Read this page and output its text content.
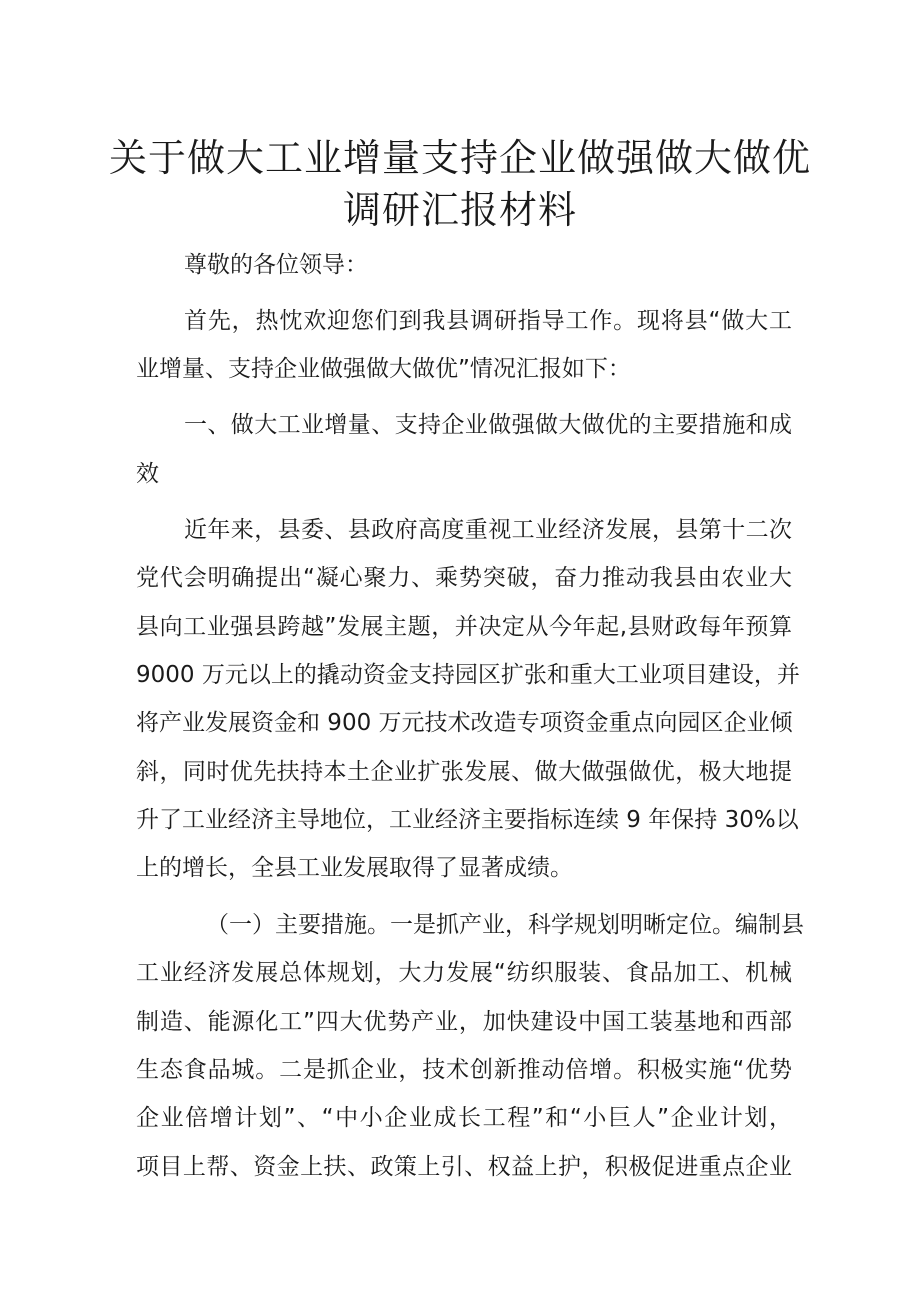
关于做大工业增量支持企业做强做大做优
调研汇报材料
尊敬的各位领导：
首先，热忱欢迎您们到我县调研指导工作。现将县“做大工
业增量、支持企业做强做大做优”情况汇报如下：
一、做大工业增量、支持企业做强做大做优的主要措施和成
效
近年来，县委、县政府高度重视工业经济发展，县第十二次
党代会明确提出“凝心聚力、乘势突破，奋力推动我县由农业大
县向工业强县跨越”发展主题，并决定从今年起,县财政每年预算
9000 万元以上的撬动资金支持园区扩张和重大工业项目建设，并
将产业发展资金和 900 万元技术改造专项资金重点向园区企业倾
斜，同时优先扶持本土企业扩张发展、做大做强做优，极大地提
升了工业经济主导地位，工业经济主要指标连续 9 年保持 30%以
上的增长，全县工业发展取得了显著成绩。
（一）主要措施。一是抓产业，科学规划明晰定位。编制县
工业经济发展总体规划，大力发展“纺织服装、食品加工、机械
制造、能源化工”四大优势产业，加快建设中国工装基地和西部
生态食品城。二是抓企业，技术创新推动倍增。积极实施“优势
企业倍增计划”、“中小企业成长工程”和“小巨人”企业计划，
项目上帮、资金上扶、政策上引、权益上护，积极促进重点企业
